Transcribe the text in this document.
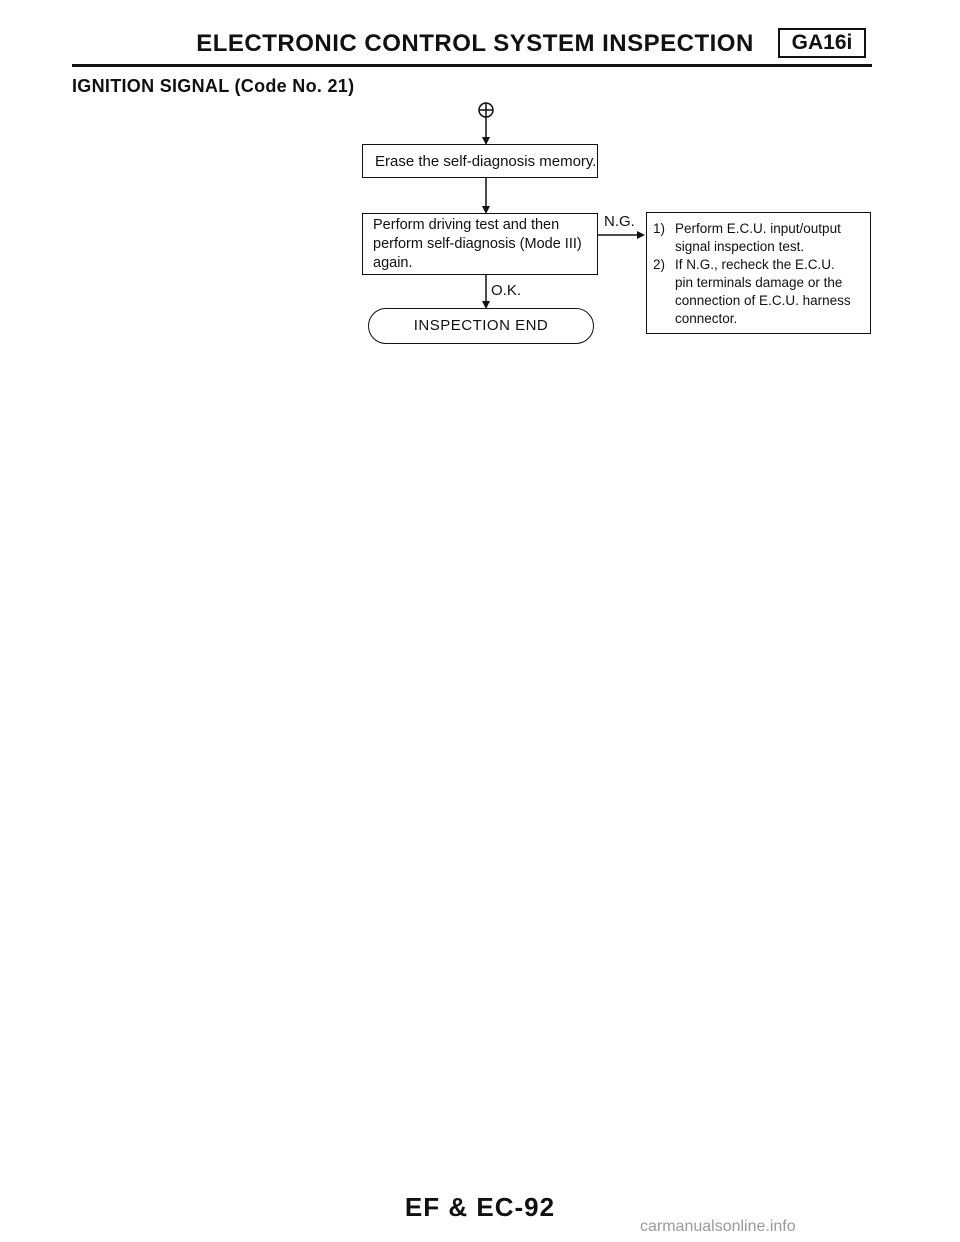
ELECTRONIC CONTROL SYSTEM INSPECTION	GA16i
IGNITION SIGNAL (Code No. 21)
Erase the self-diagnosis memory.
Perform driving test and then
perform self-diagnosis (Mode III)
again.
N.G.
O.K.
INSPECTION END
1) Perform E.C.U. input/output
signal inspection test.
2) If N.G., recheck the E.C.U.
pin terminals damage or the
connection of E.C.U. harness
connector.
EF & EC-92
carmanualsonline.info
